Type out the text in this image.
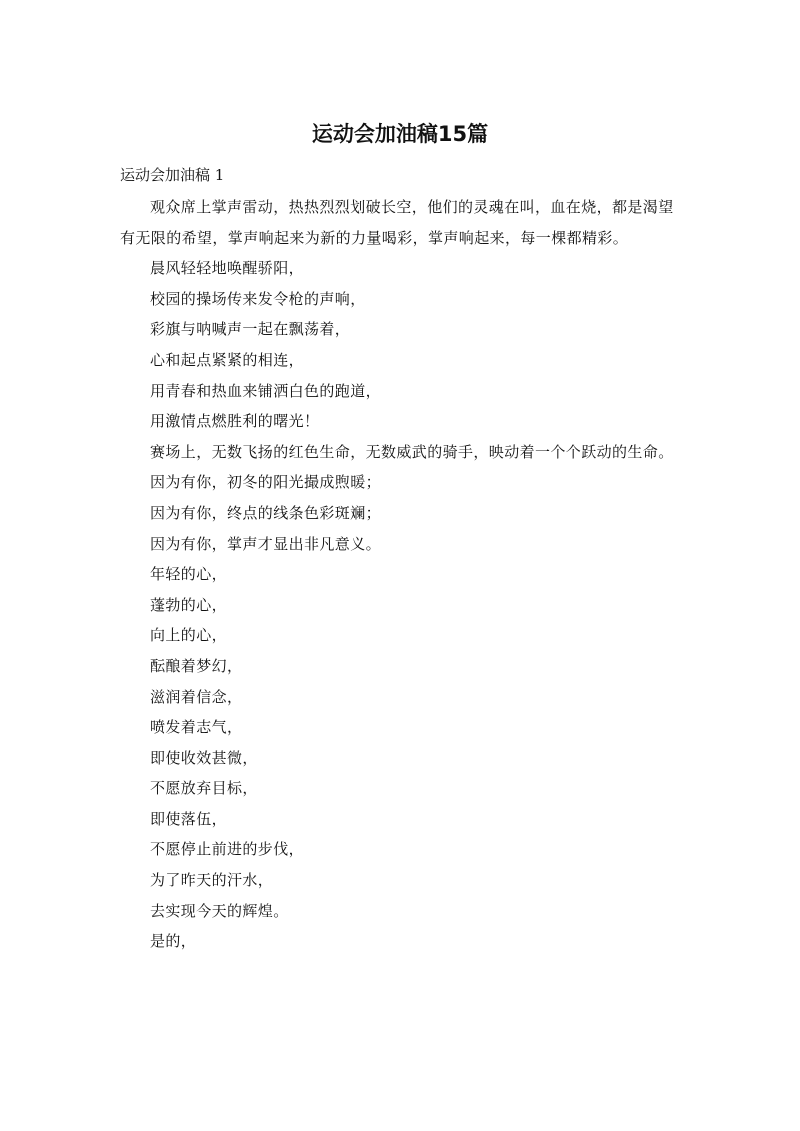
运动会加油稿15篇

运动会加油稿 1

观众席上掌声雷动，热热烈烈划破长空，他们的灵魂在叫，血在烧，都是渴望有无限的希望，掌声响起来为新的力量喝彩，掌声响起来，每一棵都精彩。

晨风轻轻地唤醒骄阳，

校园的操场传来发令枪的声响，

彩旗与呐喊声一起在飘荡着，

心和起点紧紧的相连，

用青春和热血来铺洒白色的跑道，

用激情点燃胜利的曙光！

赛场上，无数飞扬的红色生命，无数威武的骑手，映动着一个个跃动的生命。

因为有你，初冬的阳光撮成煦暖；

因为有你，终点的线条色彩斑斓；

因为有你，掌声才显出非凡意义。

年轻的心，

蓬勃的心，

向上的心，

酝酿着梦幻，

滋润着信念，

喷发着志气，

即使收效甚微，

不愿放弃目标，

即使落伍，

不愿停止前进的步伐，

为了昨天的汗水，

去实现今天的辉煌。

是的，
